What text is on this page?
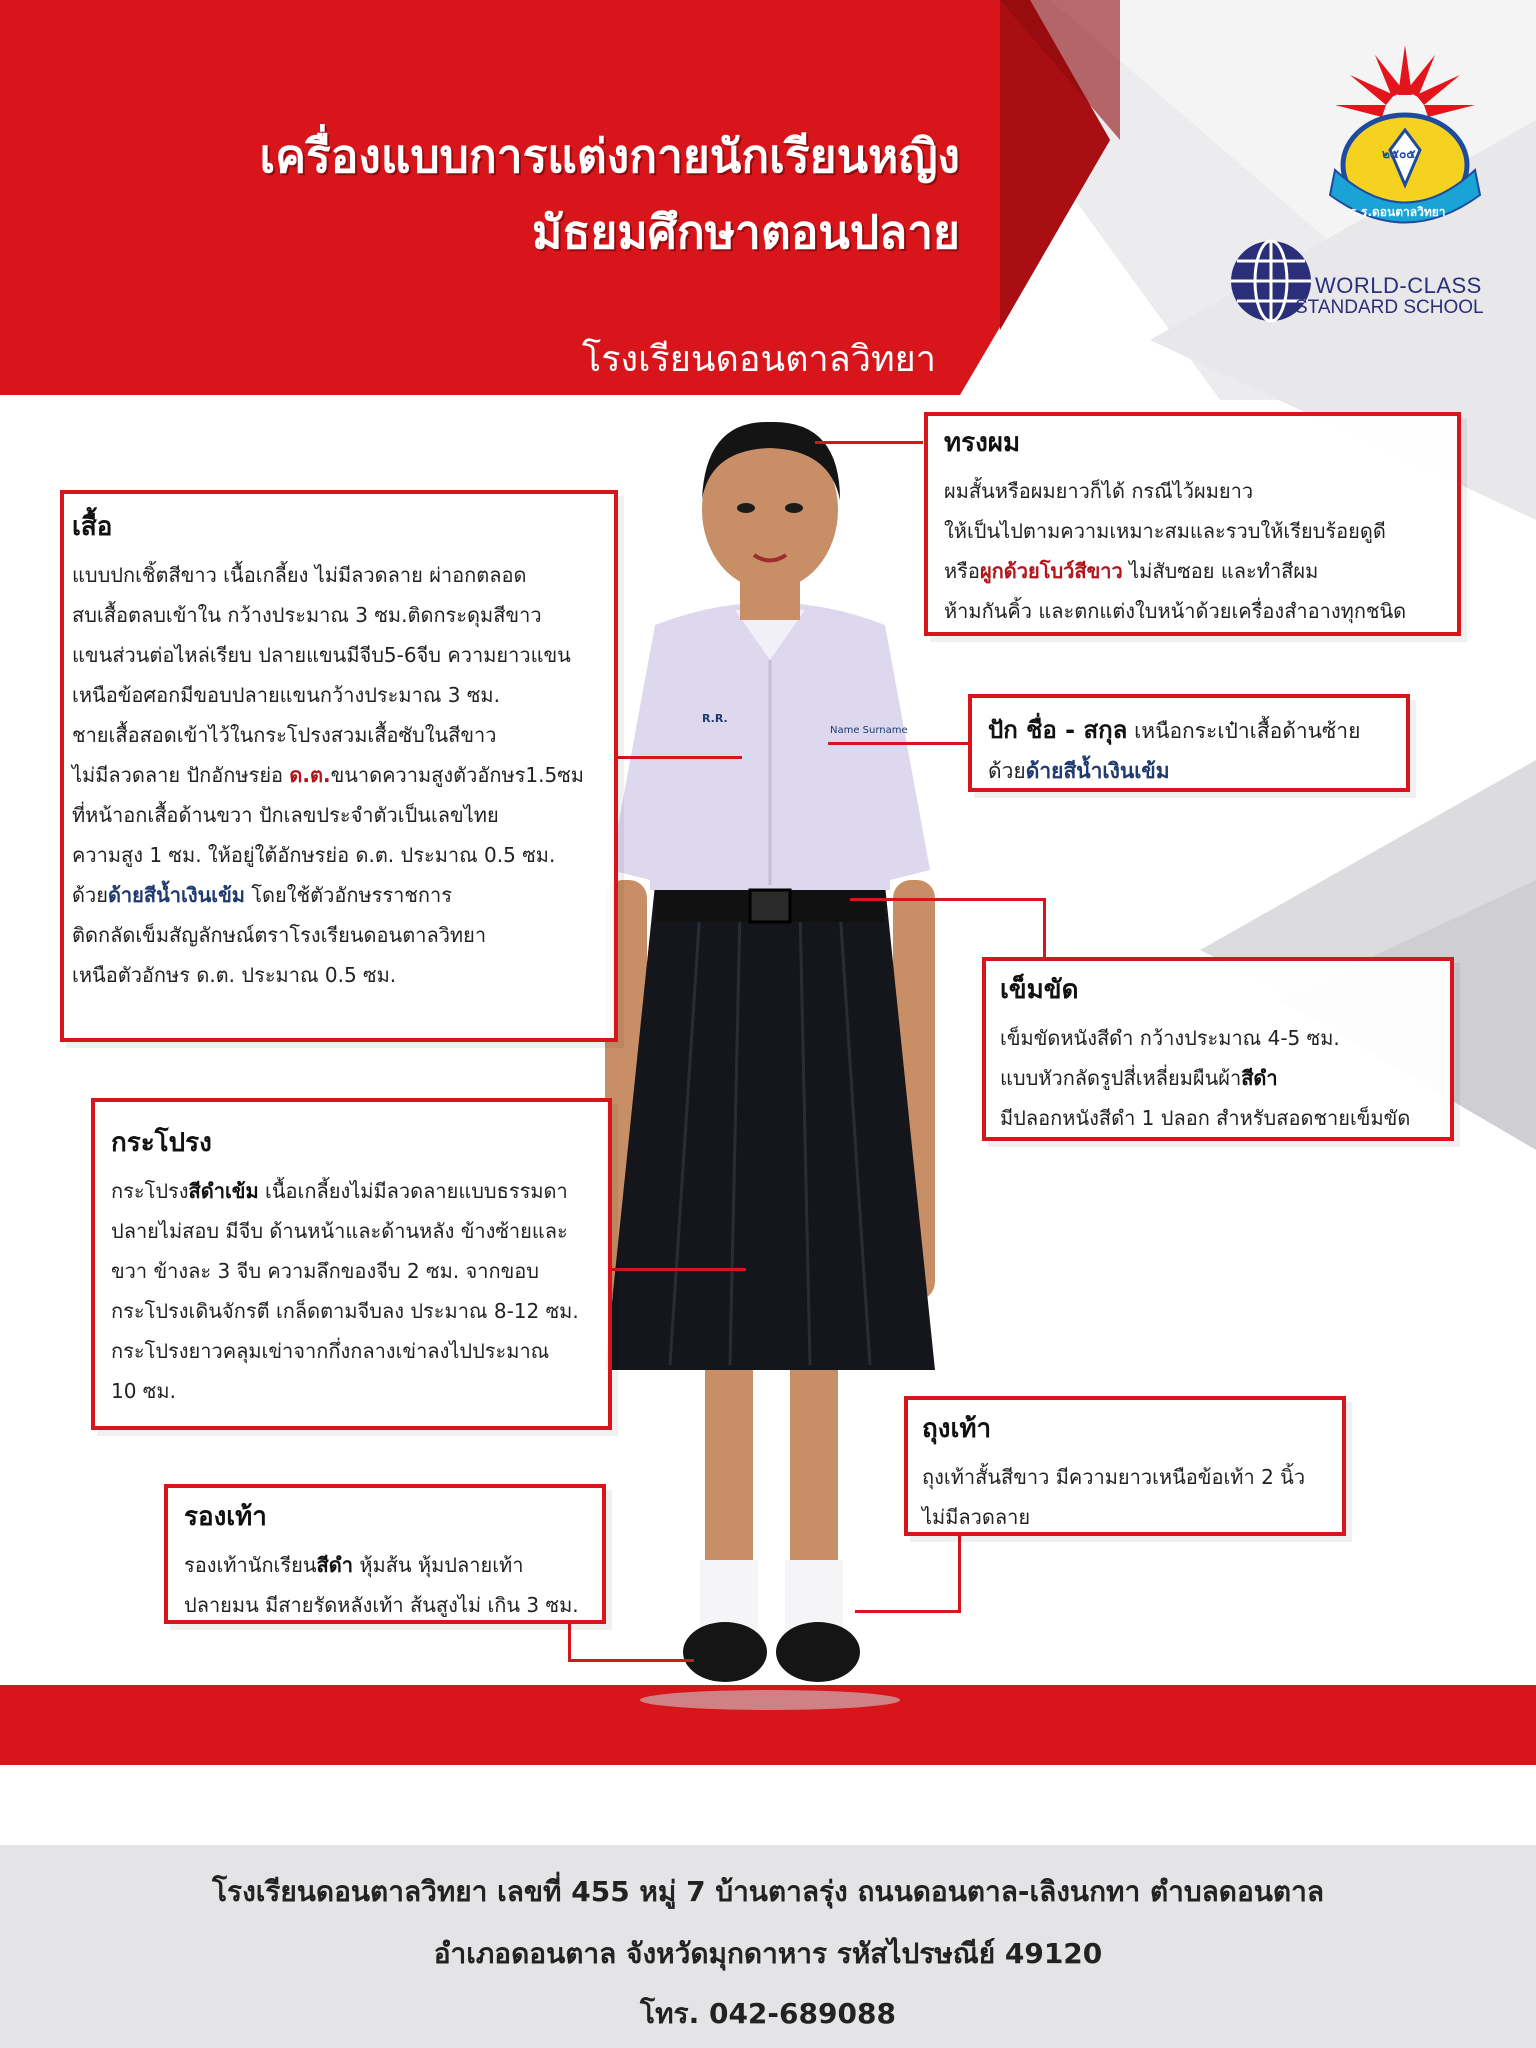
เครื่องแบบการแต่งกายนักเรียนหญิง
มัธยมศึกษาตอนปลาย
โรงเรียนดอนตาลวิทยา
๒๕๐๕
ร.ร.ดอนตาลวิทยา
WORLD-CLASS
STANDARD SCHOOL
R.R.
Name Surname
ทรงผม

ผมสั้นหรือผมยาวก็ได้ กรณีไว้ผมยาว

ให้เป็นไปตามความเหมาะสมและรวบให้เรียบร้อยดูดี

หรือผูกด้วยโบว์สีขาว ไม่สับซอย และทำสีผม

ห้ามกันคิ้ว และตกแต่งใบหน้าด้วยเครื่องสำอางทุกชนิด

เสื้อ

แบบปกเชิ้ตสีขาว เนื้อเกลี้ยง ไม่มีลวดลาย ผ่าอกตลอด

สบเสื้อตลบเข้าใน กว้างประมาณ 3 ซม.ติดกระดุมสีขาว

แขนส่วนต่อไหล่เรียบ ปลายแขนมีจีบ5-6จีบ ความยาวแขน

เหนือข้อศอกมีขอบปลายแขนกว้างประมาณ 3 ซม.

ชายเสื้อสอดเข้าไว้ในกระโปรงสวมเสื้อซับในสีขาว

ไม่มีลวดลาย ปักอักษรย่อ ด.ต.ขนาดความสูงตัวอักษร1.5ซม

ที่หน้าอกเสื้อด้านขวา ปักเลขประจำตัวเป็นเลขไทย

ความสูง 1 ซม. ให้อยู่ใต้อักษรย่อ ด.ต. ประมาณ 0.5 ซม.

ด้วยด้ายสีน้ำเงินเข้ม โดยใช้ตัวอักษรราชการ

ติดกลัดเข็มสัญลักษณ์ตราโรงเรียนดอนตาลวิทยา

เหนือตัวอักษร ด.ต. ประมาณ 0.5 ซม.

ปัก ชื่อ - สกุล เหนือกระเป๋าเสื้อด้านซ้าย

ด้วยด้ายสีน้ำเงินเข้ม

เข็มขัด

เข็มขัดหนังสีดำ กว้างประมาณ 4-5 ซม.

แบบหัวกลัดรูปสี่เหลี่ยมผืนผ้าสีดำ

มีปลอกหนังสีดำ 1 ปลอก สำหรับสอดชายเข็มขัด

กระโปรง

กระโปรงสีดำเข้ม เนื้อเกลี้ยงไม่มีลวดลายแบบธรรมดา

ปลายไม่สอบ มีจีบ ด้านหน้าและด้านหลัง ข้างซ้ายและ

ขวา ข้างละ 3 จีบ ความลึกของจีบ 2 ซม. จากขอบ

กระโปรงเดินจักรตี เกล็ดตามจีบลง ประมาณ 8-12 ซม.

กระโปรงยาวคลุมเข่าจากกึ่งกลางเข่าลงไปประมาณ

10 ซม.

ถุงเท้า

ถุงเท้าสั้นสีขาว มีความยาวเหนือข้อเท้า 2 นิ้ว

ไม่มีลวดลาย

รองเท้า

รองเท้านักเรียนสีดำ หุ้มส้น หุ้มปลายเท้า

ปลายมน มีสายรัดหลังเท้า ส้นสูงไม่ เกิน 3 ซม.

โรงเรียนดอนตาลวิทยา เลขที่ 455 หมู่ 7 บ้านตาลรุ่ง ถนนดอนตาล-เลิงนกทา ตำบลดอนตาล
อำเภอดอนตาล จังหวัดมุกดาหาร รหัสไปรษณีย์ 49120
โทร. 042-689088
